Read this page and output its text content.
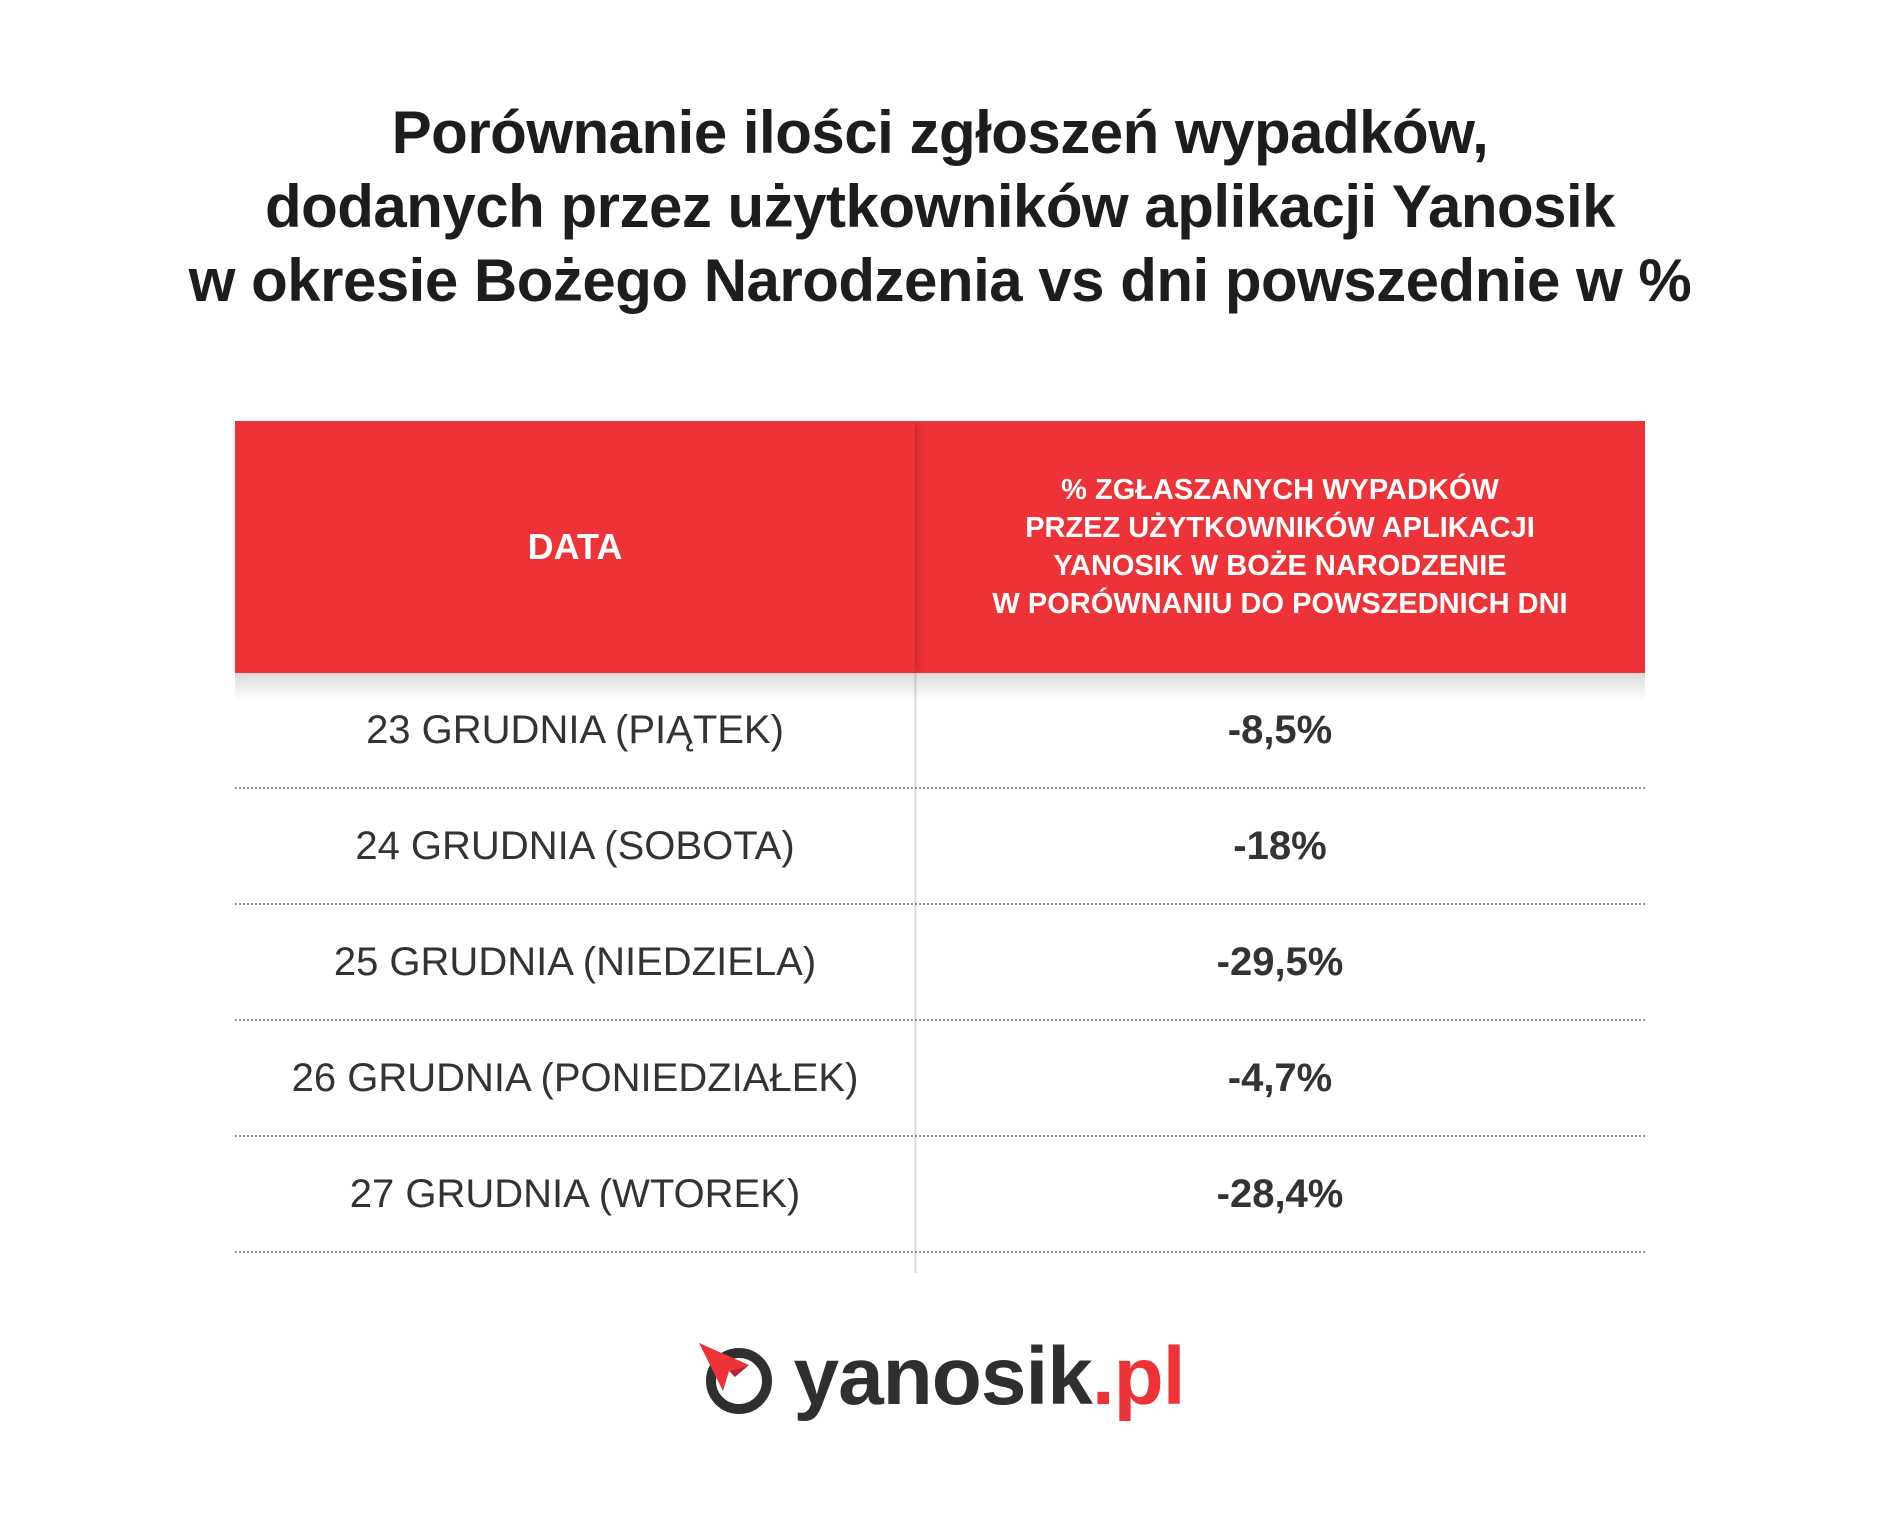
Porównanie ilości zgłoszeń wypadków,
dodanych przez użytkowników aplikacji Yanosik
w okresie Bożego Narodzenia vs dni powszednie w %
DATA
% ZGŁASZANYCH WYPADKÓW
PRZEZ UŻYTKOWNIKÓW APLIKACJI
YANOSIK W BOŻE NARODZENIE
W PORÓWNANIU DO POWSZEDNICH DNI
23 GRUDNIA (PIĄTEK)	-8,5%
24 GRUDNIA (SOBOTA)	-18%
25 GRUDNIA (NIEDZIELA)	-29,5%
26 GRUDNIA (PONIEDZIAŁEK)	-4,7%
27 GRUDNIA (WTOREK)	-28,4%
yanosik.pl
